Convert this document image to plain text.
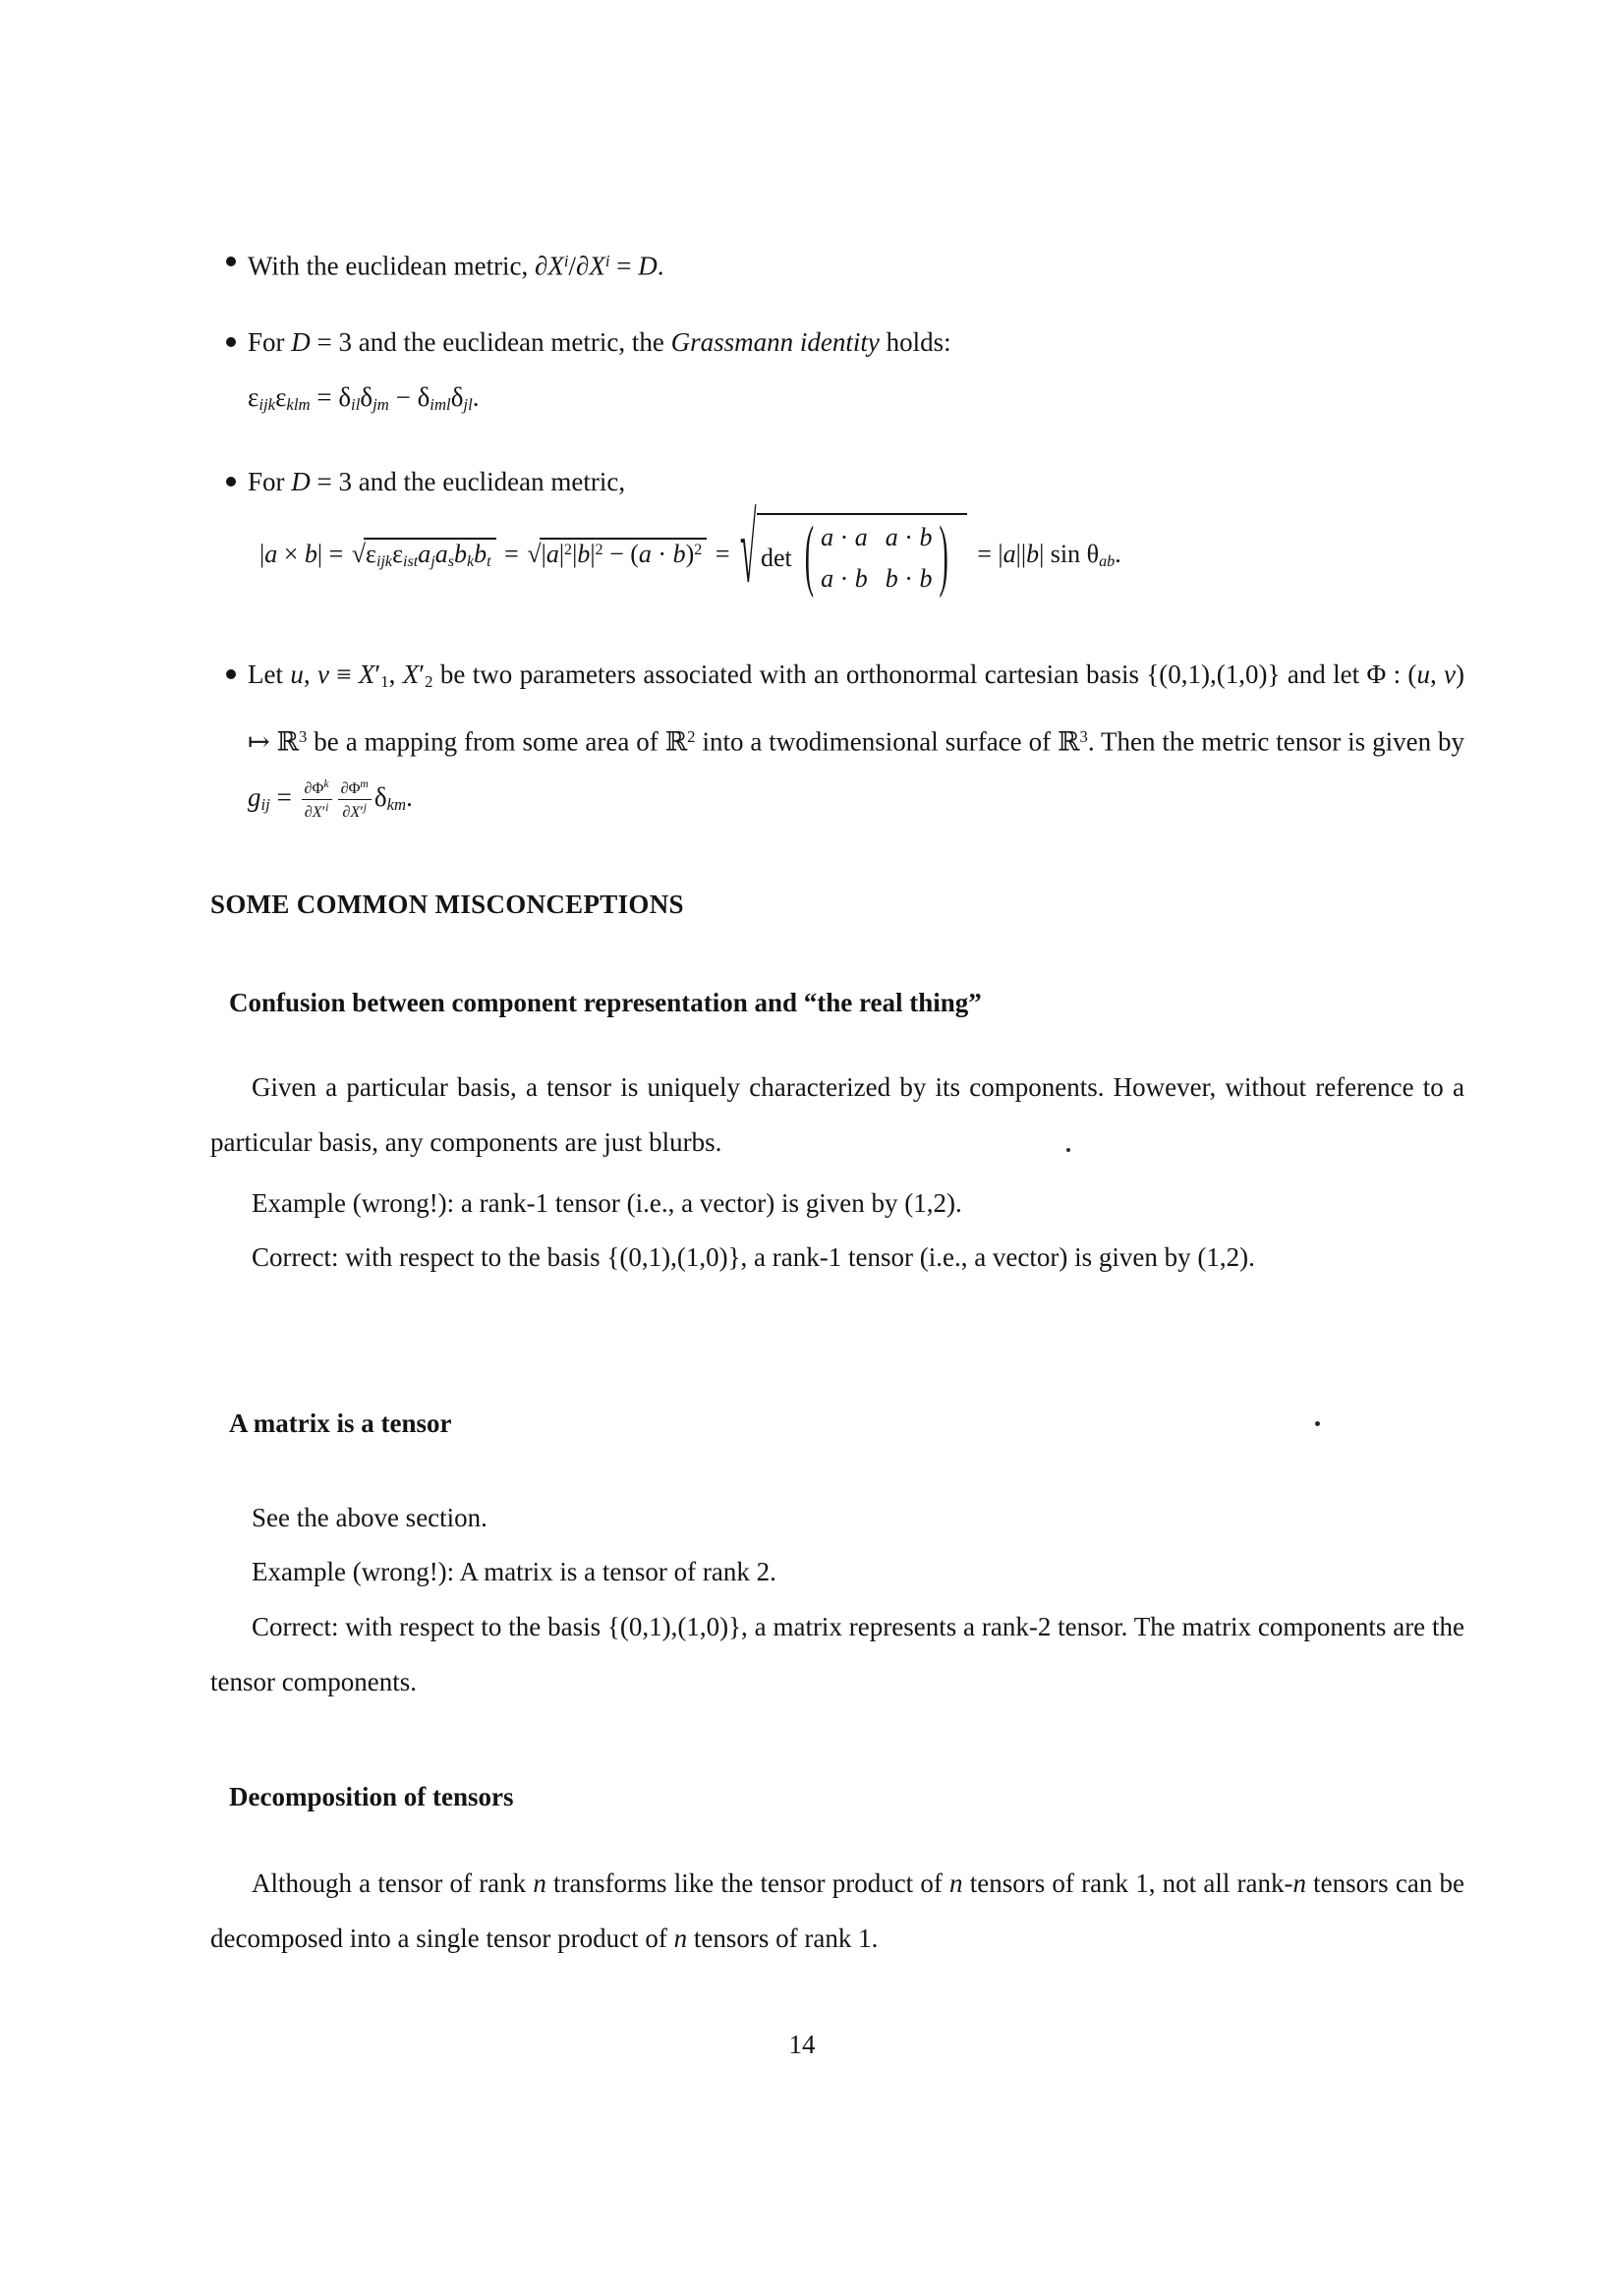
With the euclidean metric, $\partial X^i/\partial X^i = D$.
For D = 3 and the euclidean metric, the Grassmann identity holds:
$\varepsilon_{ijk}\varepsilon_{klm} = \delta_{il}\delta_{jm} - \delta_{iml}\delta_{jl}$.
For D = 3 and the euclidean metric,
$|a \times b| = √\varepsilon_{ijk}\varepsilon_{ist}a_ja_sb_kb_t = √|a|^2|b|^2 - (a \cdot b)^2$ = √ det ( a · a a · b
a · b b · b ) = |a||b| $\sin \theta_{ab}$.
Let u, $v \equiv X'_1$, $X'_2$ be two parameters associated with an orthonormal cartesian basis {(0,1),(1,0)} and let Φ : (u, v) ↦ ℝ$^3$ be a mapping from some area of ℝ$^2$ into a twodimensional surface of ℝ$^3$. Then the metric tensor is given by $g_{ij} = \frac{\partial\Phi^k}{\partial X'^i} \frac{\partial\Phi^m}{\partial X'^j} \delta_{km}$.
SOME COMMON MISCONCEPTIONS
Confusion between component representation and “the real thing”
Given a particular basis, a tensor is uniquely characterized by its components. However, without reference to a particular basis, any components are just blurbs.
Example (wrong!): a rank-1 tensor (i.e., a vector) is given by (1,2).
Correct: with respect to the basis {(0,1),(1,0)}, a rank-1 tensor (i.e., a vector) is given by (1,2).
A matrix is a tensor
See the above section.
Example (wrong!): A matrix is a tensor of rank 2.
Correct: with respect to the basis {(0,1),(1,0)}, a matrix represents a rank-2 tensor. The matrix components are the tensor components.
Decomposition of tensors
Although a tensor of rank n transforms like the tensor product of n tensors of rank 1, not all rank-n tensors can be decomposed into a single tensor product of n tensors of rank 1.
14
